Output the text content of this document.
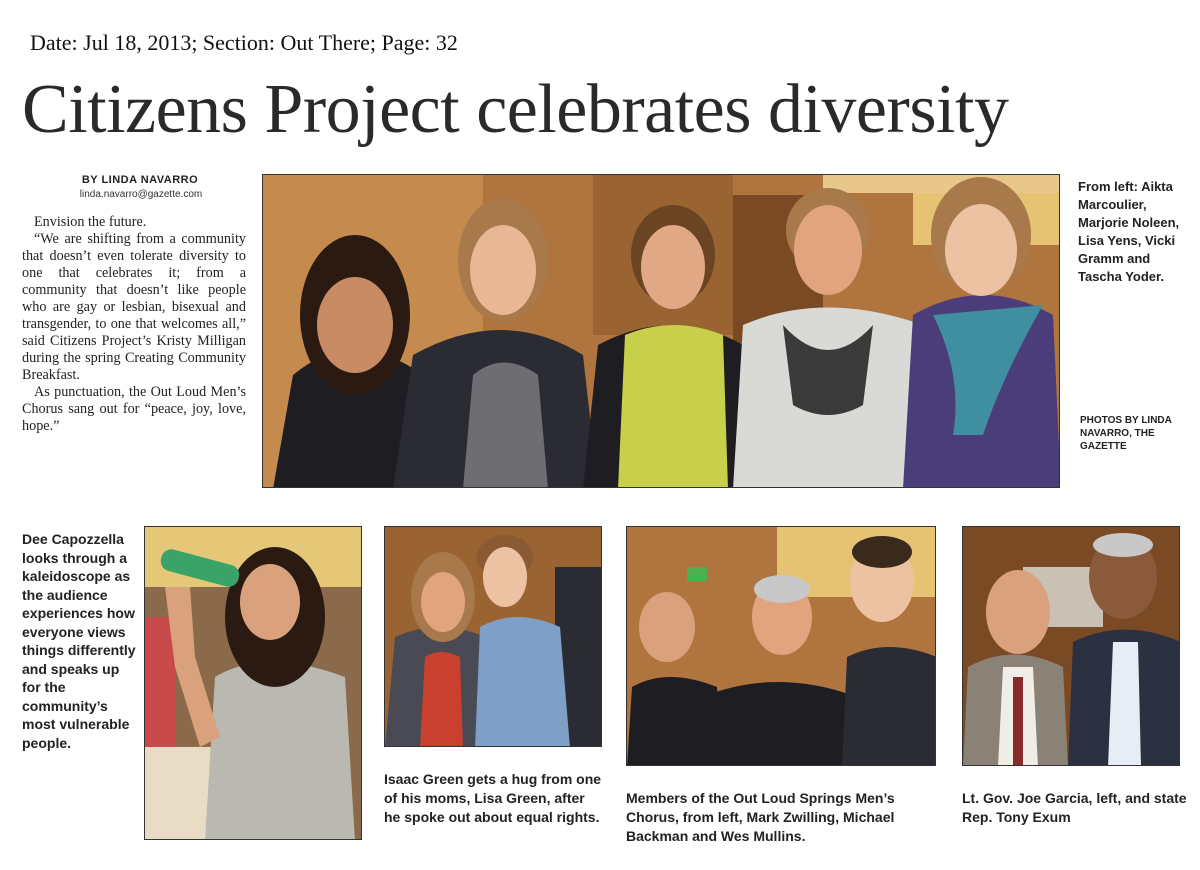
Date: Jul 18, 2013; Section: Out There; Page: 32
Citizens Project celebrates diversity
BY LINDA NAVARRO
linda.navarro@gazette.com

Envision the future.

“We are shifting from a community that doesn’t even tolerate diversity to one that celebrates it; from a community that doesn’t like people who are gay or lesbian, bisexual and transgender, to one that welcomes all,” said Citizens Project’s Kristy Milligan during the spring Creating Community Breakfast.

As punctuation, the Out Loud Men’s Chorus sang out for “peace, joy, love, hope.”

From left: Aikta Marcoulier, Marjorie Noleen, Lisa Yens, Vicki Gramm and Tascha Yoder.
PHOTOS BY LINDA NAVARRO, THE GAZETTE
Dee Capozzella looks through a kaleidoscope as the audience experiences how everyone views things differently and speaks up for the community’s most vulnerable people.
Isaac Green gets a hug from one of his moms, Lisa Green, after he spoke out about equal rights.
Members of the Out Loud Springs Men’s Chorus, from left, Mark Zwilling, Michael Backman and Wes Mullins.
Lt. Gov. Joe Garcia, left, and state Rep. Tony Exum
